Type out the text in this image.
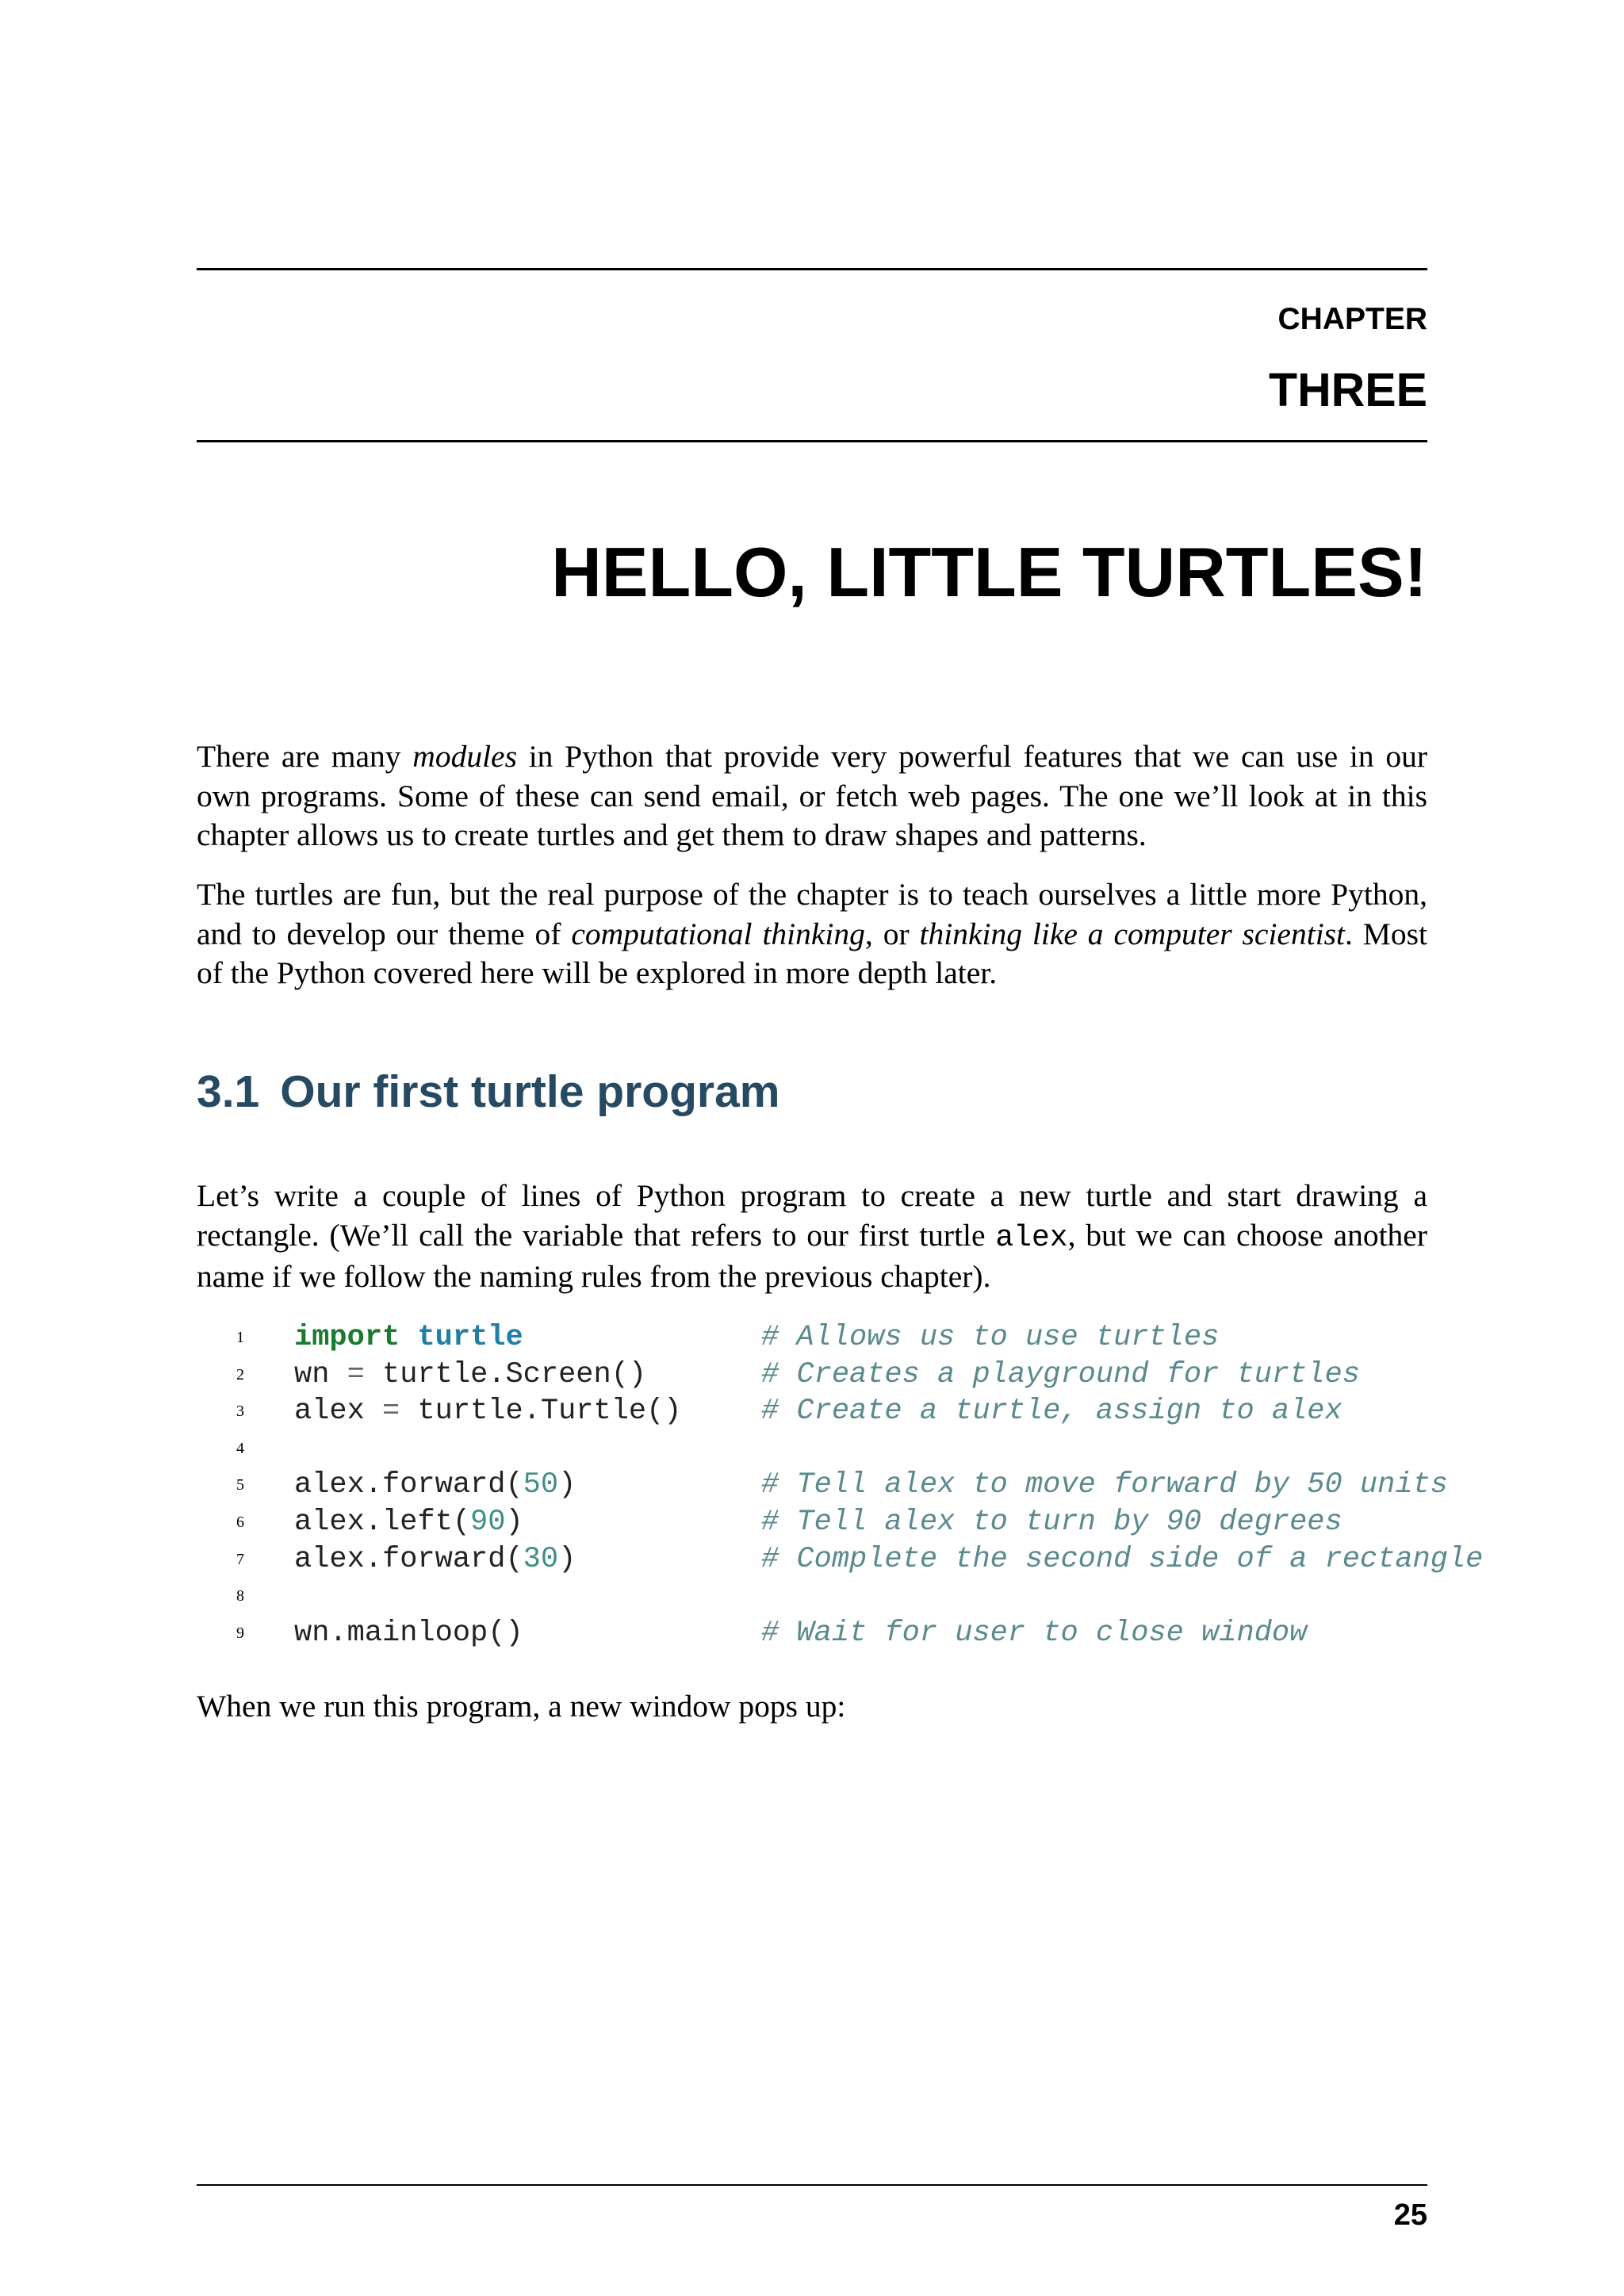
CHAPTER

THREE

HELLO, LITTLE TURTLES!

There are many modules in Python that provide very powerful features that we can use in our own programs. Some of these can send email, or fetch web pages. The one we’ll look at in this chapter allows us to create turtles and get them to draw shapes and patterns.

The turtles are fun, but the real purpose of the chapter is to teach ourselves a little more Python, and to develop our theme of computational thinking, or thinking like a computer scientist. Most of the Python covered here will be explored in more depth later.

3.1 Our first turtle program

Let’s write a couple of lines of Python program to create a new turtle and start drawing a rectangle. (We’ll call the variable that refers to our first turtle alex, but we can choose another name if we follow the naming rules from the previous chapter).

1 import turtle	# Allows us to use turtles
2 wn = turtle.Screen()	# Creates a playground for turtles
3 alex = turtle.Turtle()	# Create a turtle, assign to alex
4
5 alex.forward(50)	# Tell alex to move forward by 50 units
6 alex.left(90)	# Tell alex to turn by 90 degrees
7 alex.forward(30)	# Complete the second side of a rectangle
8
9 wn.mainloop()	# Wait for user to close window

When we run this program, a new window pops up:

25
